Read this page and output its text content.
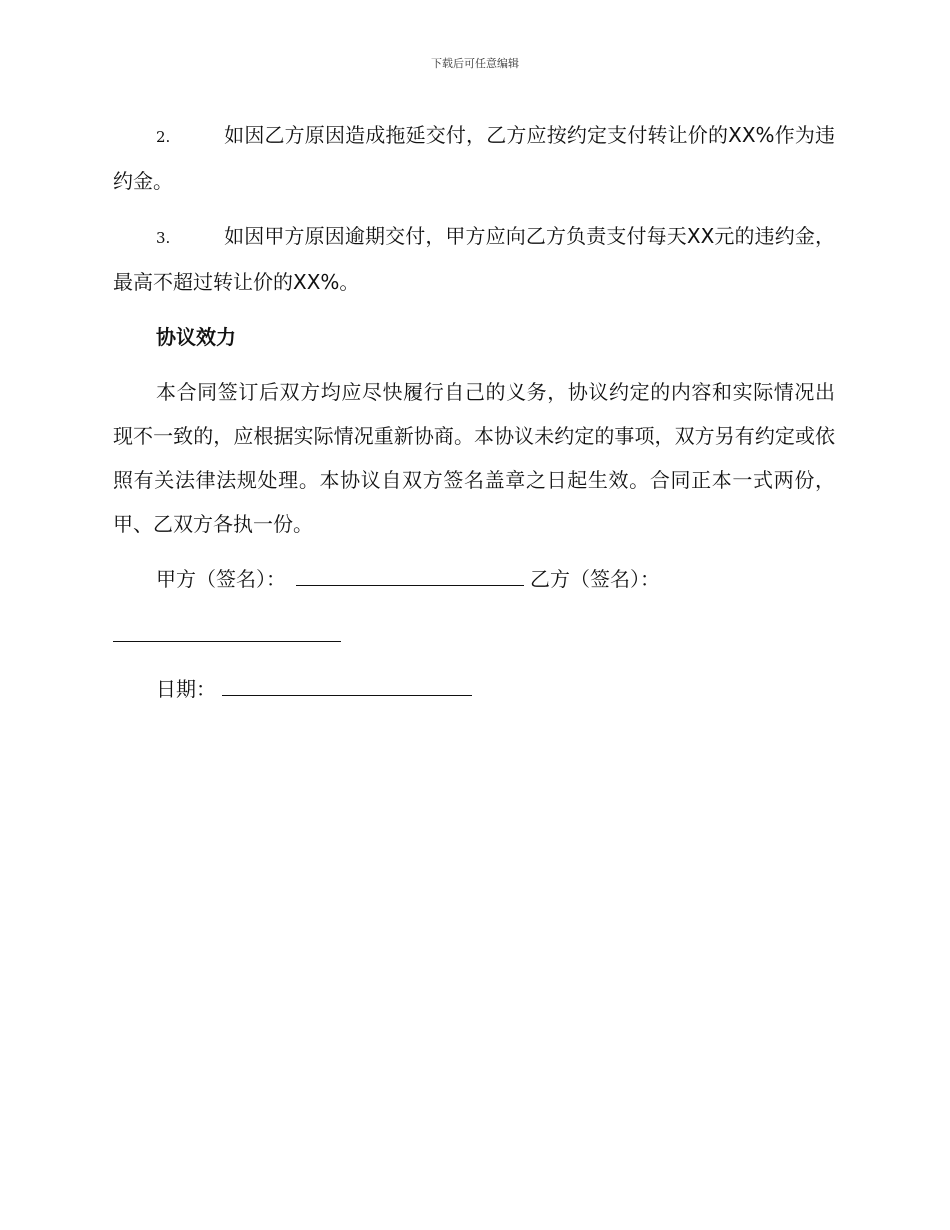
下载后可任意编辑

2.	如因乙方原因造成拖延交付，乙方应按约定支付转让价的XX%作为违约金。

3.	如因甲方原因逾期交付，甲方应向乙方负责支付每天XX元的违约金，最高不超过转让价的XX%。

协议效力

本合同签订后双方均应尽快履行自己的义务，协议约定的内容和实际情况出现不一致的，应根据实际情况重新协商。本协议未约定的事项，双方另有约定或依照有关法律法规处理。本协议自双方签名盖章之日起生效。合同正本一式两份，甲、乙双方各执一份。

甲方（签名）：	乙方（签名）：

日期：
